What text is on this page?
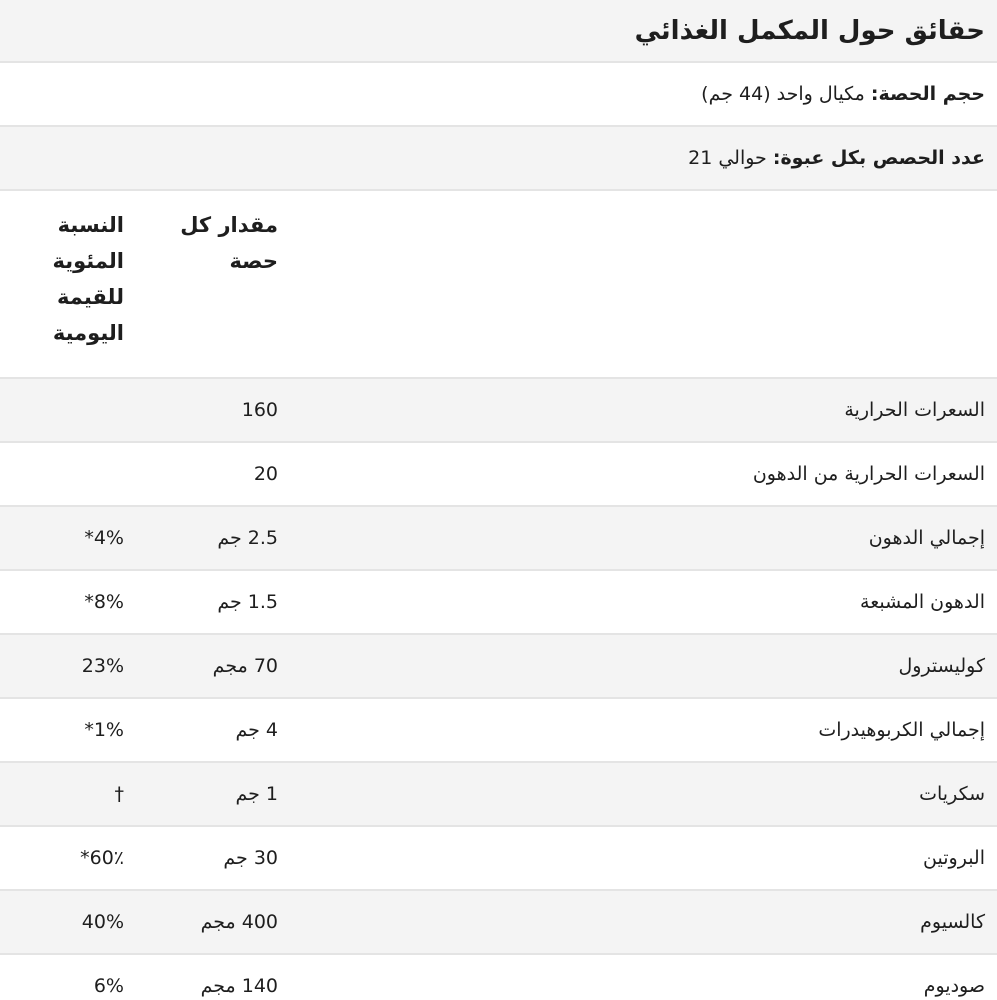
حقائق حول المكمل الغذائي
حجم الحصة: مكيال واحد (44 جم)
عدد الحصص بكل عبوة: حوالي 21
مقدار كل حصة
النسبة المئوية للقيمة اليومية
السعرات الحرارية
160
السعرات الحرارية من الدهون
20
إجمالي الدهون
2.5 جم
4%*
الدهون المشبعة
1.5 جم
8%*
كوليسترول
70 مجم
23%
إجمالي الكربوهيدرات
4 جم
1%*
سكريات
1 جم
†
البروتين
30 جم
60٪*
كالسيوم
400 مجم
40%
صوديوم
140 مجم
6%
